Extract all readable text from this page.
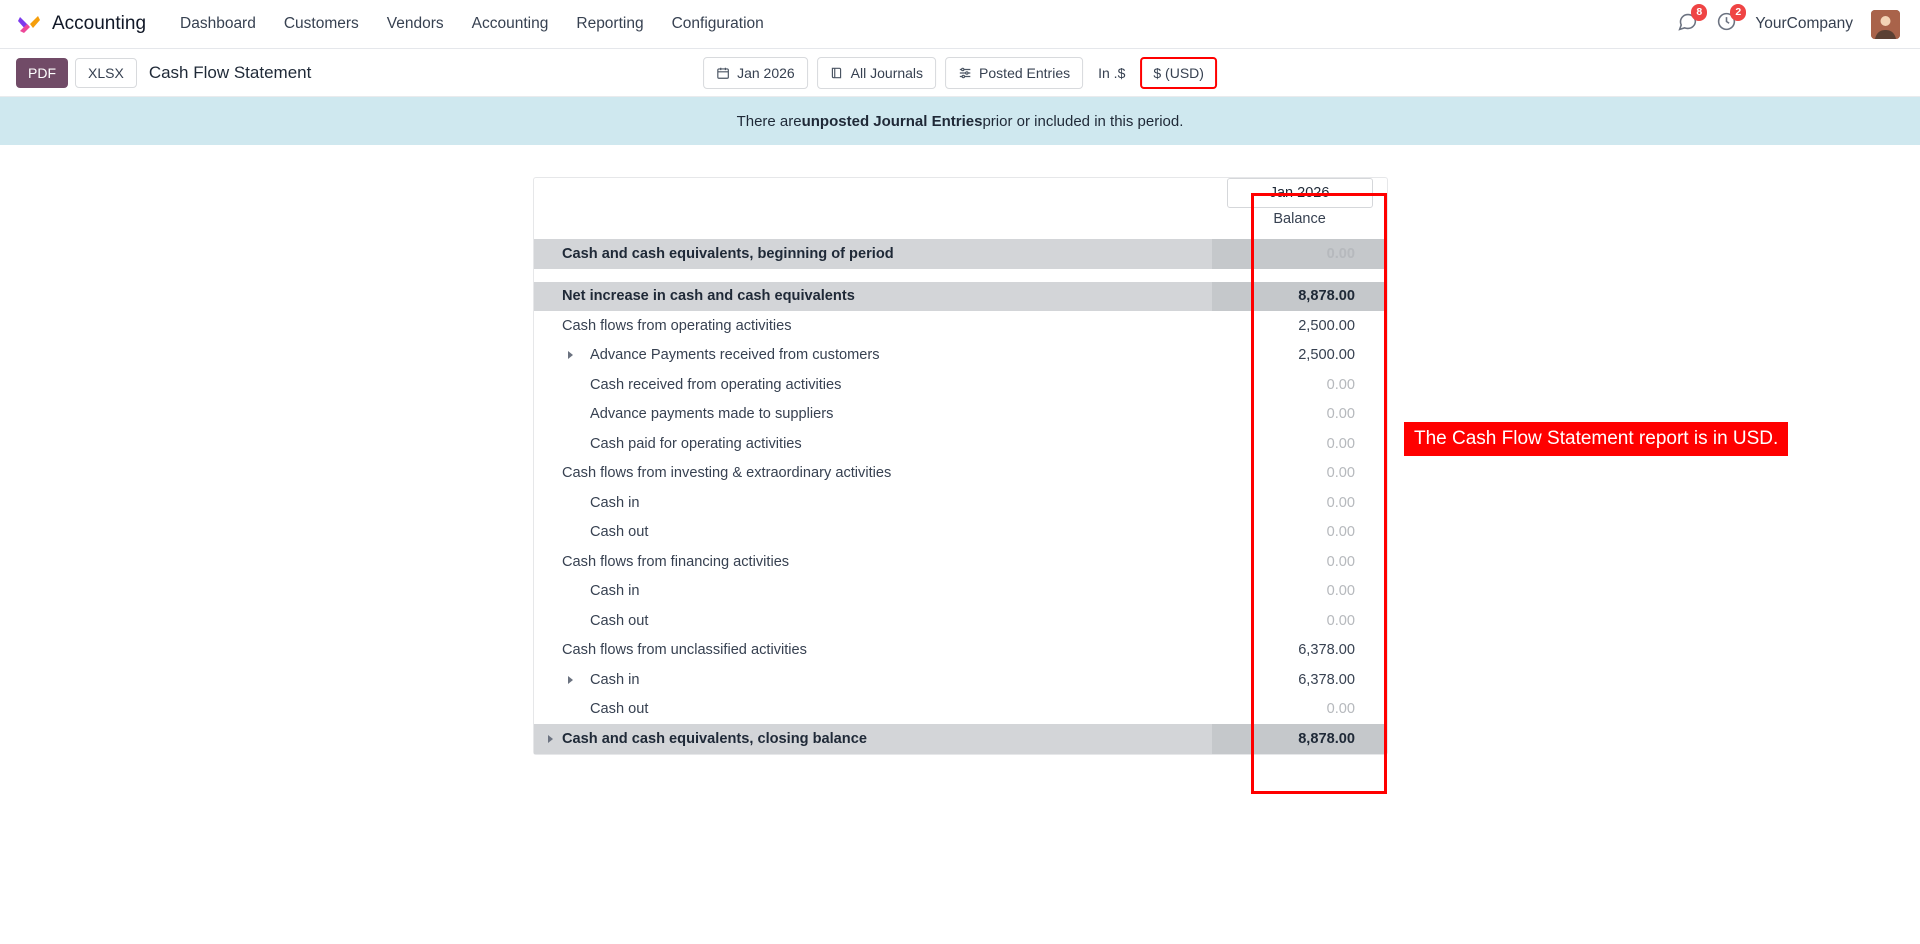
Accounting	Dashboard	Customers	Vendors	Accounting	Reporting	Configuration
8	2
YourCompany
PDF	XLSX	Cash Flow Statement	Jan 2026	All Journals	Posted Entries In .$ $ (USD)
There are unposted Journal Entries prior or included in this period.
	Jan 2026
	Balance
Cash and cash equivalents, beginning of period	0.00

Net increase in cash and cash equivalents	8,878.00
Cash flows from operating activities	2,500.00

Advance Payments received from customers	2,500.00
Cash received from operating activities	0.00
Advance payments made to suppliers	0.00
Cash paid for operating activities	0.00
Cash flows from investing & extraordinary activities	0.00
Cash in	0.00
Cash out	0.00
Cash flows from financing activities	0.00
Cash in	0.00
Cash out	0.00
Cash flows from unclassified activities	6,378.00

Cash in	6,378.00
Cash out	0.00

Cash and cash equivalents, closing balance	8,878.00
The Cash Flow Statement report is in USD.
